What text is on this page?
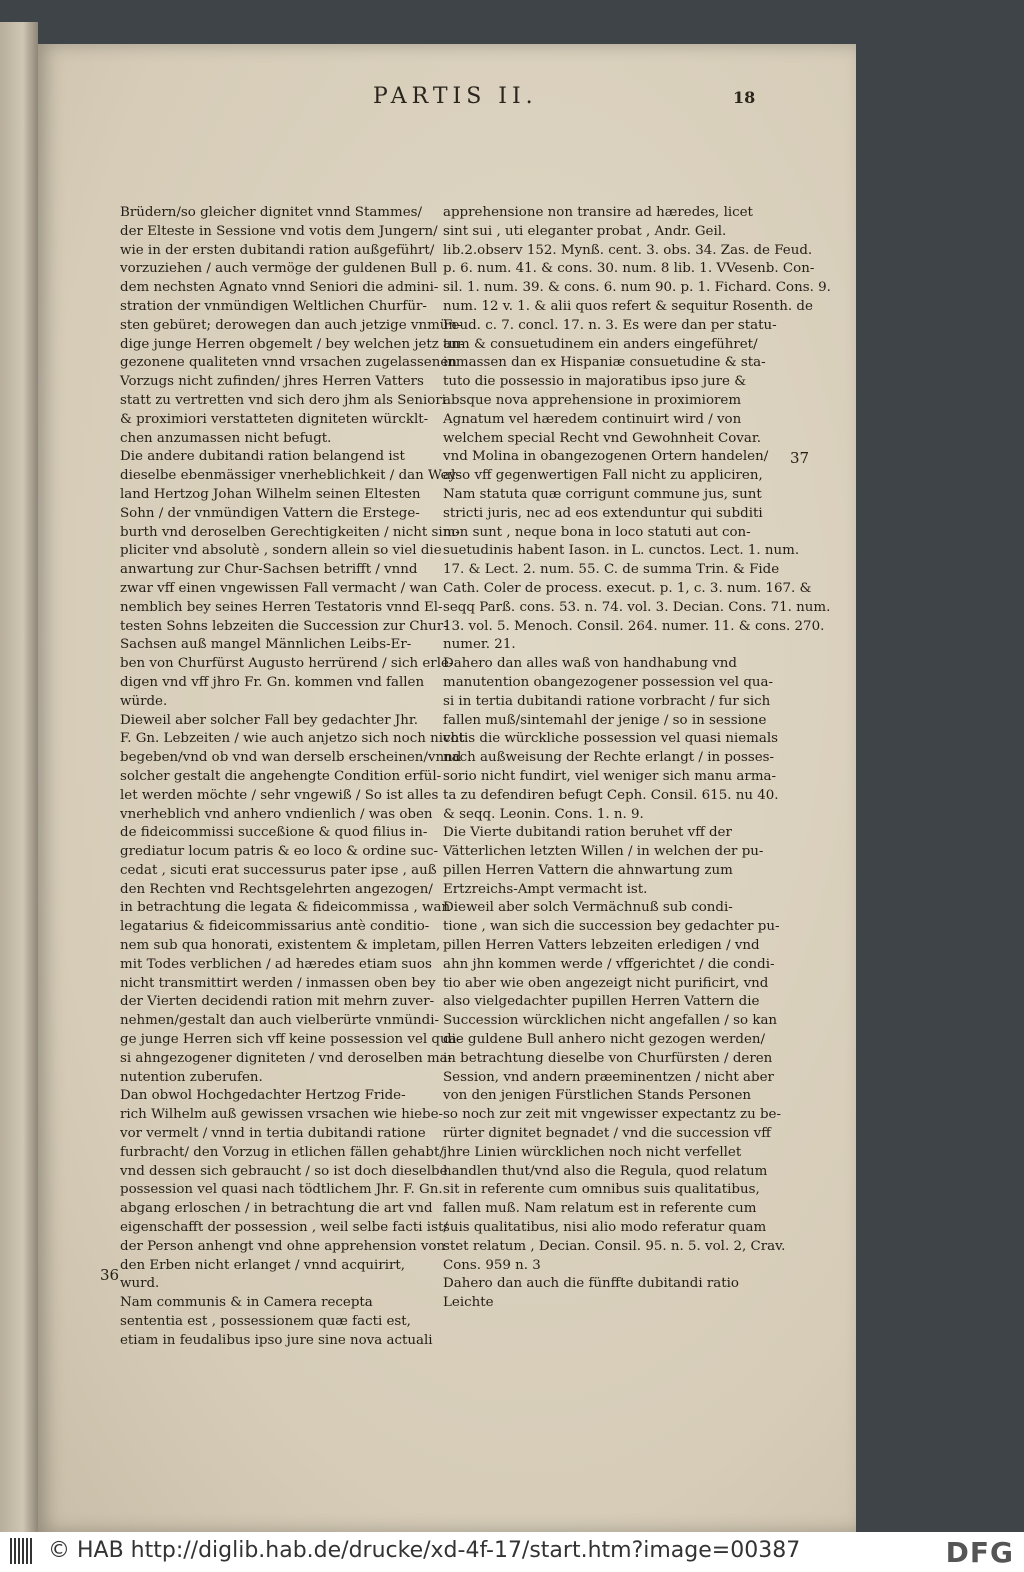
PARTIS II.	18
Brüdern/so gleicher dignitet vnnd Stammes/
der Elteste in Sessione vnd votis dem Jungern/
wie in der ersten dubitandi ration außgeführt/
vorzuziehen / auch vermöge der guldenen Bull
dem nechsten Agnato vnnd Seniori die admini-
stration der vnmündigen Weltlichen Churfür-
sten gebüret; derowegen dan auch jetzige vnmün-
dige junge Herren obgemelt / bey welchen jetz an-
gezonene qualiteten vnnd vrsachen zugelassenen
Vorzugs nicht zufinden/ jhres Herren Vatters
statt zu vertretten vnd sich dero jhm als Seniori
& proximiori verstatteten digniteten würcklt-
chen anzumassen nicht befugt.
Die andere dubitandi ration belangend ist
dieselbe ebenmässiger vnerheblichkeit / dan Wey-
land Hertzog Johan Wilhelm seinen Eltesten
Sohn / der vnmündigen Vattern die Erstege-
burth vnd deroselben Gerechtigkeiten / nicht sim-
pliciter vnd absolutè , sondern allein so viel die
anwartung zur Chur-Sachsen betrifft / vnnd
zwar vff einen vngewissen Fall vermacht / wan
nemblich bey seines Herren Testatoris vnnd El-
testen Sohns lebzeiten die Succession zur Chur-
Sachsen auß mangel Männlichen Leibs-Er-
ben von Churfürst Augusto herrürend / sich erle-
digen vnd vff jhro Fr. Gn. kommen vnd fallen
würde.
Dieweil aber solcher Fall bey gedachter Jhr.
F. Gn. Lebzeiten / wie auch anjetzo sich noch nicht
begeben/vnd ob vnd wan derselb erscheinen/vnnd
solcher gestalt die angehengte Condition erfül-
let werden möchte / sehr vngewiß / So ist alles
vnerheblich vnd anhero vndienlich / was oben
de fideicommissi succeßione & quod filius in-
grediatur locum patris & eo loco & ordine suc-
cedat , sicuti erat successurus pater ipse , auß
den Rechten vnd Rechtsgelehrten angezogen/
in betrachtung die legata & fideicommissa , wan
legatarius & fideicommissarius antè conditio-
nem sub qua honorati, existentem & impletam,
mit Todes verblichen / ad hæredes etiam suos
nicht transmittirt werden / inmassen oben bey
der Vierten decidendi ration mit mehrn zuver-
nehmen/gestalt dan auch vielberürte vnmündi-
ge junge Herren sich vff keine possession vel qua-
si ahngezogener digniteten / vnd deroselben ma-
nutention zuberufen.
Dan obwol Hochgedachter Hertzog Fride-
rich Wilhelm auß gewissen vrsachen wie hiebe-
vor vermelt / vnnd in tertia dubitandi ratione
furbracht/ den Vorzug in etlichen fällen gehabt/
vnd dessen sich gebraucht / so ist doch dieselbe
possession vel quasi nach tödtlichem Jhr. F. Gn.
abgang erloschen / in betrachtung die art vnd
eigenschafft der possession , weil selbe facti ist/
der Person anhengt vnd ohne apprehension von
den Erben nicht erlanget / vnnd acquirirt,
wurd.
Nam communis & in Camera recepta
sententia est , possessionem quæ facti est,
etiam in feudalibus ipso jure sine nova actuali
apprehensione non transire ad hæredes, licet
sint sui , uti eleganter probat , Andr. Geil.
lib.2.observ 152. Mynß. cent. 3. obs. 34. Zas. de Feud.
p. 6. num. 41. & cons. 30. num. 8 lib. 1. VVesenb. Con-
sil. 1. num. 39. & cons. 6. num 90. p. 1. Fichard. Cons. 9.
num. 12 v. 1. & alii quos refert & sequitur Rosenth. de
Feud. c. 7. concl. 17. n. 3. Es were dan per statu-
tum & consuetudinem ein anders eingeführet/
inmassen dan ex Hispaniæ consuetudine & sta-
tuto die possessio in majoratibus ipso jure &
absque nova apprehensione in proximiorem
Agnatum vel hæredem continuirt wird / von
welchem special Recht vnd Gewohnheit Covar.
vnd Molina in obangezogenen Ortern handelen/
also vff gegenwertigen Fall nicht zu appliciren,
Nam statuta quæ corrigunt commune jus, sunt
stricti juris, nec ad eos extenduntur qui subditi
non sunt , neque bona in loco statuti aut con-
suetudinis habent Iason. in L. cunctos. Lect. 1. num.
17. & Lect. 2. num. 55. C. de summa Trin. & Fide
Cath. Coler de process. execut. p. 1, c. 3. num. 167. &
seqq Parß. cons. 53. n. 74. vol. 3. Decian. Cons. 71. num.
13. vol. 5. Menoch. Consil. 264. numer. 11. & cons. 270.
numer. 21.
Dahero dan alles waß von handhabung vnd
manutention obangezogener possession vel qua-
si in tertia dubitandi ratione vorbracht / fur sich
fallen muß/sintemahl der jenige / so in sessione
votis die würckliche possession vel quasi niemals
nach außweisung der Rechte erlangt / in posses-
sorio nicht fundirt, viel weniger sich manu arma-
ta zu defendiren befugt Ceph. Consil. 615. nu 40.
& seqq. Leonin. Cons. 1. n. 9.
Die Vierte dubitandi ration beruhet vff der
Vätterlichen letzten Willen / in welchen der pu-
pillen Herren Vattern die ahnwartung zum
Ertzreichs-Ampt vermacht ist.
Dieweil aber solch Vermächnuß sub condi-
tione , wan sich die succession bey gedachter pu-
pillen Herren Vatters lebzeiten erledigen / vnd
ahn jhn kommen werde / vffgerichtet / die condi-
tio aber wie oben angezeigt nicht purificirt, vnd
also vielgedachter pupillen Herren Vattern die
Succession würcklichen nicht angefallen / so kan
die guldene Bull anhero nicht gezogen werden/
in betrachtung dieselbe von Churfürsten / deren
Session, vnd andern præeminentzen / nicht aber
von den jenigen Fürstlichen Stands Personen
so noch zur zeit mit vngewisser expectantz zu be-
rürter dignitet begnadet / vnd die succession vff
jhre Linien würcklichen noch nicht verfellet
handlen thut/vnd also die Regula, quod relatum
sit in referente cum omnibus suis qualitatibus,
fallen muß. Nam relatum est in referente cum
suis qualitatibus, nisi alio modo referatur quam
stet relatum , Decian. Consil. 95. n. 5. vol. 2, Crav.
Cons. 959 n. 3
Dahero dan auch die fünffte dubitandi ratio
Leichte
37
36
© HAB http://diglib.hab.de/drucke/xd-4f-17/start.htm?image=00387	DFG
